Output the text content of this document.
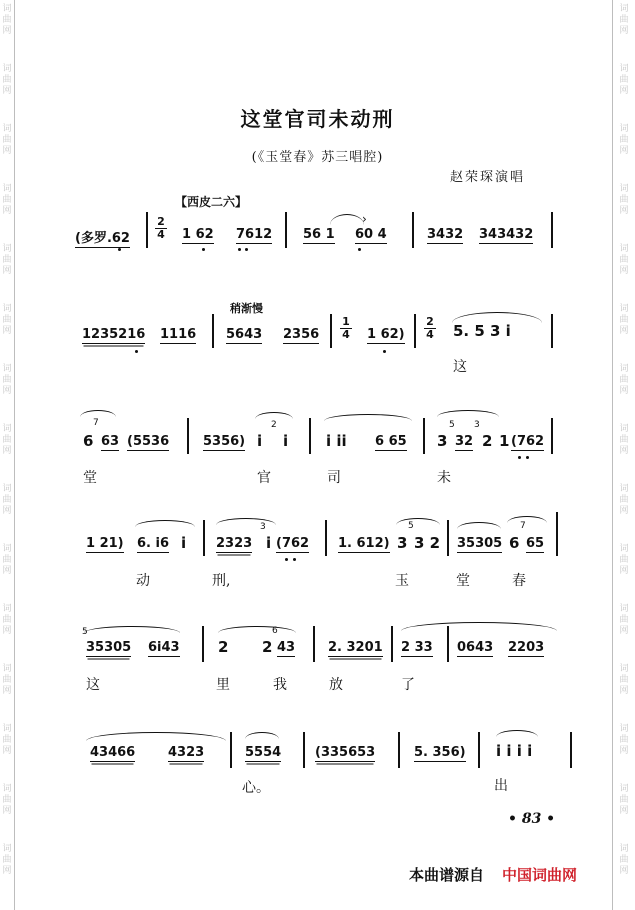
词曲网
词曲网
词曲网
词曲网
词曲网
词曲网
词曲网
词曲网
词曲网
词曲网
词曲网
词曲网
词曲网
词曲网
词曲网
词曲网
词曲网
词曲网
词曲网
词曲网
词曲网
词曲网
词曲网
词曲网
词曲网
词曲网
词曲网
词曲网
词曲网
词曲网
这堂官司未动刑
(《玉堂春》苏三唱腔)
赵荣琛演唱
【西皮二六】
(多罗.62
2
4 1 62 7612 56 1
›
60 4	3432 343432
稍渐慢
1235216 1116 5643 2356
1
4 1 62)
2
4 5. 5 3 i
这
7
6 63 (5536	5356) i
2
i	i ii 6 65 3
5
32
3
2 1 (762
堂	官	司	未
1 21) 6. i6 i 2323
3
i (762 1. 612) 3
5
3 2 35305 6
7
65
动	刑,	玉	堂	春
5
35305 6i43	2 2
6
43	2. 3201 2 33 0643 2203
这	里	我	放	了
43466	4323	5554	(335653	5. 356) i i i i
心。	出
• 83 •
本曲谱源自 中国词曲网
